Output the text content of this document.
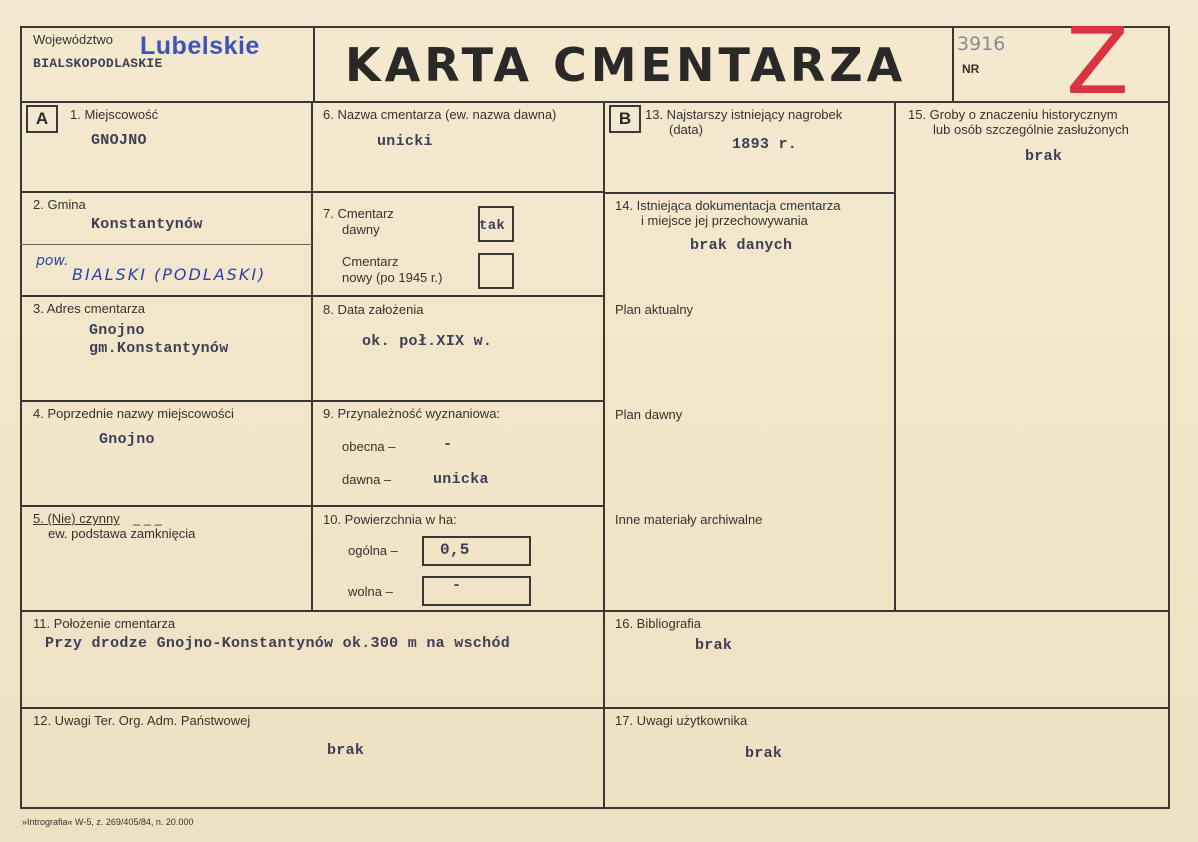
Województwo Lubelskie
BIALSKOPODLASKIE	KARTA CMENTARZA	3916
NR Z
A	1. Miejscowość
GNOJNO
2. Gmina
Konstantynów
pow.
BIALSKI (PODLASKI)
3. Adres cmentarza
Gnojno
gm.Konstantynów
4. Poprzednie nazwy miejscowości
Gnojno
5. (Nie) czynny _ _ _
ew. podstawa zamknięcia
6. Nazwa cmentarza (ew. nazwa dawna)
unicki
7. Cmentarz
dawny	tak
Cmentarz
nowy (po 1945 r.)
8. Data założenia
ok. poł.XIX w.
9. Przynależność wyznaniowa:
obecna –	-
dawna –	unicka
10. Powierzchnia w ha:
ogólna –	0,5
wolna –	-
B	13. Najstarszy istniejący nagrobek
(data)
1893 r.
14. Istniejąca dokumentacja cmentarza
i miejsce jej przechowywania
brak danych
Plan aktualny
Plan dawny
Inne materiały archiwalne
15. Groby o znaczeniu historycznym
lub osób szczególnie zasłużonych
brak
11. Położenie cmentarza
Przy drodze Gnojno-Konstantynów ok.300 m na wschód
16. Bibliografia
brak
12. Uwagi Ter. Org. Adm. Państwowej
brak
17. Uwagi użytkownika
brak
»Intrografia« W-5, z. 269/405/84, n. 20.000
